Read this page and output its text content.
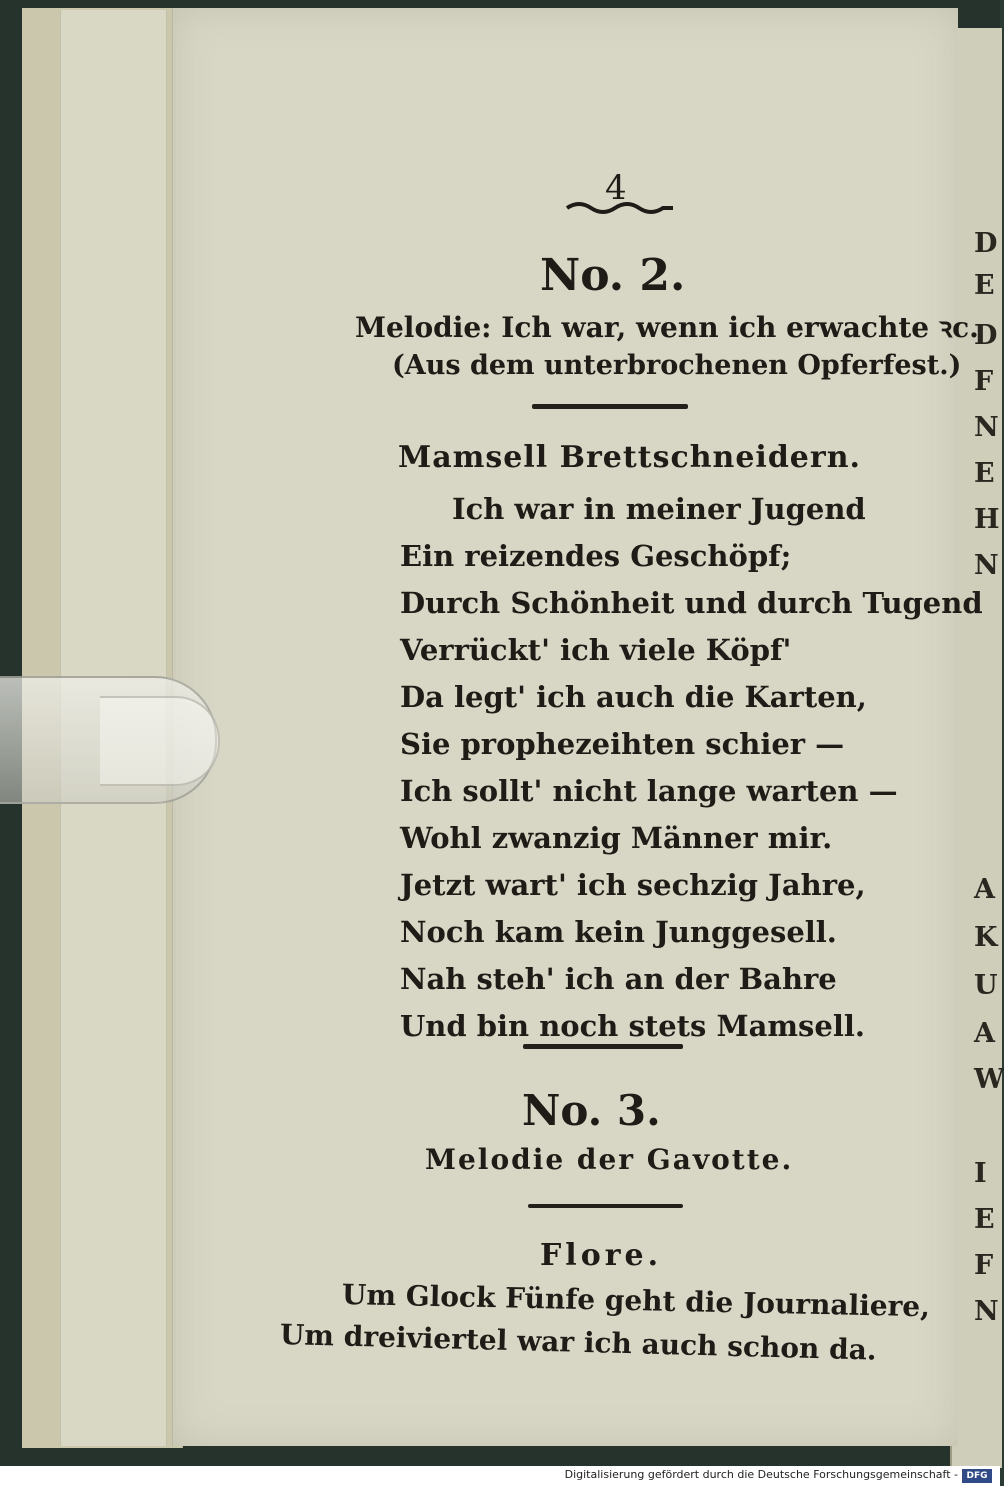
D
E
D
F
N
E
H
N
A
K
U
A
W
I
E
F
N
4
No. 2.
Melodie: Ich war, wenn ich erwachte ꝛc.
(Aus dem unterbrochenen Opferfest.)
Mamsell Brettschneidern.
Ich war in meiner Jugend
Ein reizendes Geschöpf;
Durch Schönheit und durch Tugend
Verrückt' ich viele Köpf'
Da legt' ich auch die Karten,
Sie prophezeihten schier —
Ich sollt' nicht lange warten —
Wohl zwanzig Männer mir.
Jetzt wart' ich sechzig Jahre,
Noch kam kein Junggesell.
Nah steh' ich an der Bahre
Und bin noch stets Mamsell.
No. 3.
Melodie der Gavotte.
Flore.
Um Glock Fünfe geht die Journaliere,
Um dreiviertel war ich auch schon da.
Digitalisierung gefördert durch die Deutsche Forschungsgemeinschaft - DFG
